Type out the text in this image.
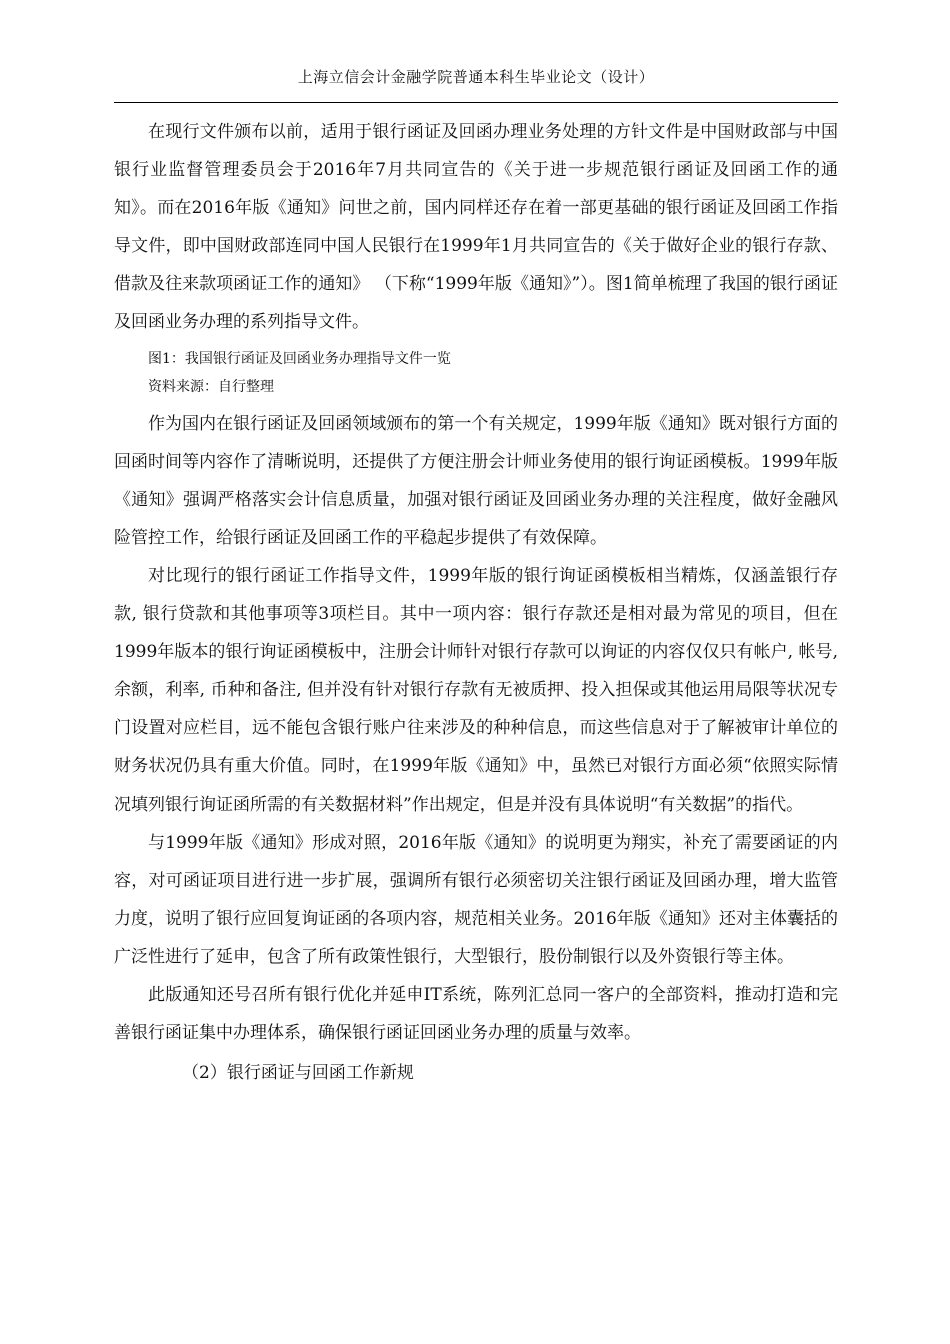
上海立信会计金融学院普通本科生毕业论文（设计）

在现行文件颁布以前，适用于银行函证及回函办理业务处理的方针文件是中国财政部与中国银行业监督管理委员会于2016年7月共同宣告的《关于进一步规范银行函证及回函工作的通知》。而在2016年版《通知》问世之前，国内同样还存在着一部更基础的银行函证及回函工作指导文件，即中国财政部连同中国人民银行在1999年1月共同宣告的《关于做好企业的银行存款、借款及往来款项函证工作的通知》 （下称“1999年版《通知》”）。图1简单梳理了我国的银行函证及回函业务办理的系列指导文件。

图1：我国银行函证及回函业务办理指导文件一览

资料来源：自行整理

作为国内在银行函证及回函领域颁布的第一个有关规定，1999年版《通知》既对银行方面的回函时间等内容作了清晰说明，还提供了方便注册会计师业务使用的银行询证函模板。1999年版《通知》强调严格落实会计信息质量，加强对银行函证及回函业务办理的关注程度，做好金融风险管控工作，给银行函证及回函工作的平稳起步提供了有效保障。

对比现行的银行函证工作指导文件，1999年版的银行询证函模板相当精炼，仅涵盖银行存款, 银行贷款和其他事项等3项栏目。其中一项内容：银行存款还是相对最为常见的项目，但在1999年版本的银行询证函模板中，注册会计师针对银行存款可以询证的内容仅仅只有帐户, 帐号, 余额，利率, 币种和备注, 但并没有针对银行存款有无被质押、投入担保或其他运用局限等状况专门设置对应栏目，远不能包含银行账户往来涉及的种种信息，而这些信息对于了解被审计单位的财务状况仍具有重大价值。同时，在1999年版《通知》中，虽然已对银行方面必须“依照实际情况填列银行询证函所需的有关数据材料”作出规定，但是并没有具体说明“有关数据”的指代。

与1999年版《通知》形成对照，2016年版《通知》的说明更为翔实，补充了需要函证的内容，对可函证项目进行进一步扩展，强调所有银行必须密切关注银行函证及回函办理，增大监管力度，说明了银行应回复询证函的各项内容，规范相关业务。2016年版《通知》还对主体囊括的广泛性进行了延申，包含了所有政策性银行，大型银行，股份制银行以及外资银行等主体。

此版通知还号召所有银行优化并延申IT系统，陈列汇总同一客户的全部资料，推动打造和完善银行函证集中办理体系，确保银行函证回函业务办理的质量与效率。

（2）银行函证与回函工作新规
